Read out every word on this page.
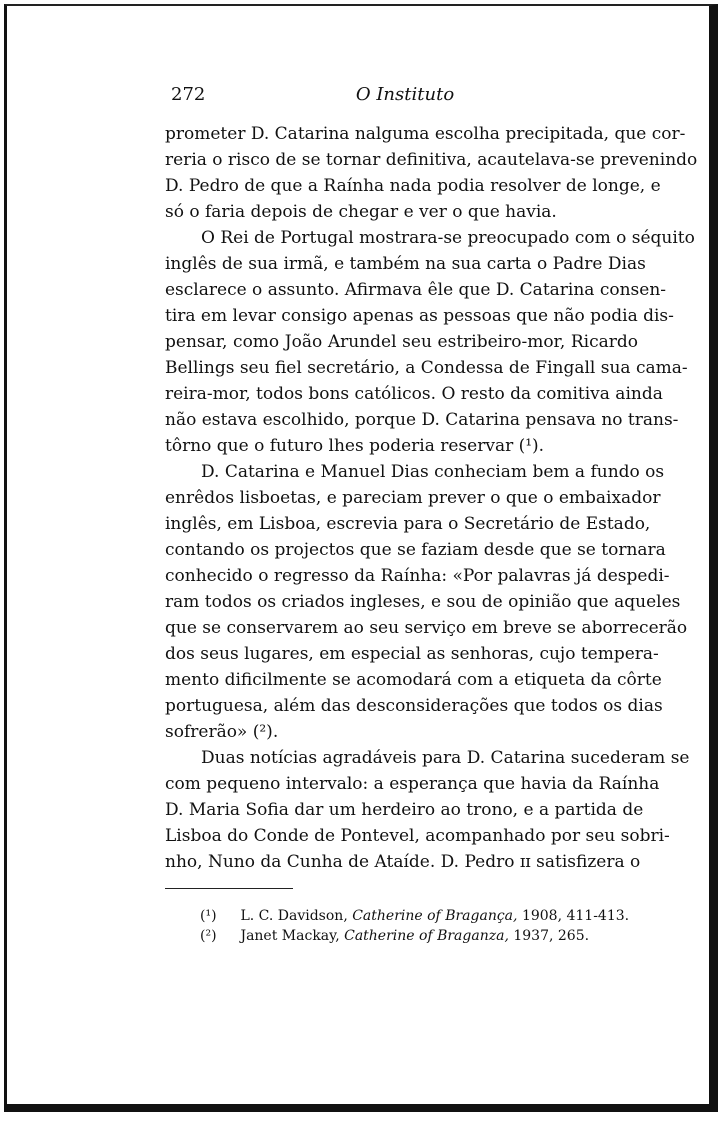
272	O Instituto
prometer D. Catarina nalguma escolha precipitada, que cor-
reria o risco de se tornar definitiva, acautelava-se prevenindo
D. Pedro de que a Raínha nada podia resolver de longe, e
só o faria depois de chegar e ver o que havia.
O Rei de Portugal mostrara-se preocupado com o séquito
inglês de sua irmã, e também na sua carta o Padre Dias
esclarece o assunto. Afirmava êle que D. Catarina consen-
tira em levar consigo apenas as pessoas que não podia dis-
pensar, como João Arundel seu estribeiro-mor, Ricardo
Bellings seu fiel secretário, a Condessa de Fingall sua cama-
reira-mor, todos bons católicos. O resto da comitiva ainda
não estava escolhido, porque D. Catarina pensava no trans-
tôrno que o futuro lhes poderia reservar (¹).
D. Catarina e Manuel Dias conheciam bem a fundo os
enrêdos lisboetas, e pareciam prever o que o embaixador
inglês, em Lisboa, escrevia para o Secretário de Estado,
contando os projectos que se faziam desde que se tornara
conhecido o regresso da Raínha: «Por palavras já despedi-
ram todos os criados ingleses, e sou de opinião que aqueles
que se conservarem ao seu serviço em breve se aborrecerão
dos seus lugares, em especial as senhoras, cujo tempera-
mento dificilmente se acomodará com a etiqueta da côrte
portuguesa, além das desconsiderações que todos os dias
sofrerão» (²).
Duas notícias agradáveis para D. Catarina sucederam se
com pequeno intervalo: a esperança que havia da Raínha
D. Maria Sofia dar um herdeiro ao trono, e a partida de
Lisboa do Conde de Pontevel, acompanhado por seu sobri-
nho, Nuno da Cunha de Ataíde. D. Pedro ɪɪ satisfizera o
(¹) L. C. Davidson, Catherine of Bragança, 1908, 411-413.
(²) Janet Mackay, Catherine of Braganza, 1937, 265.
